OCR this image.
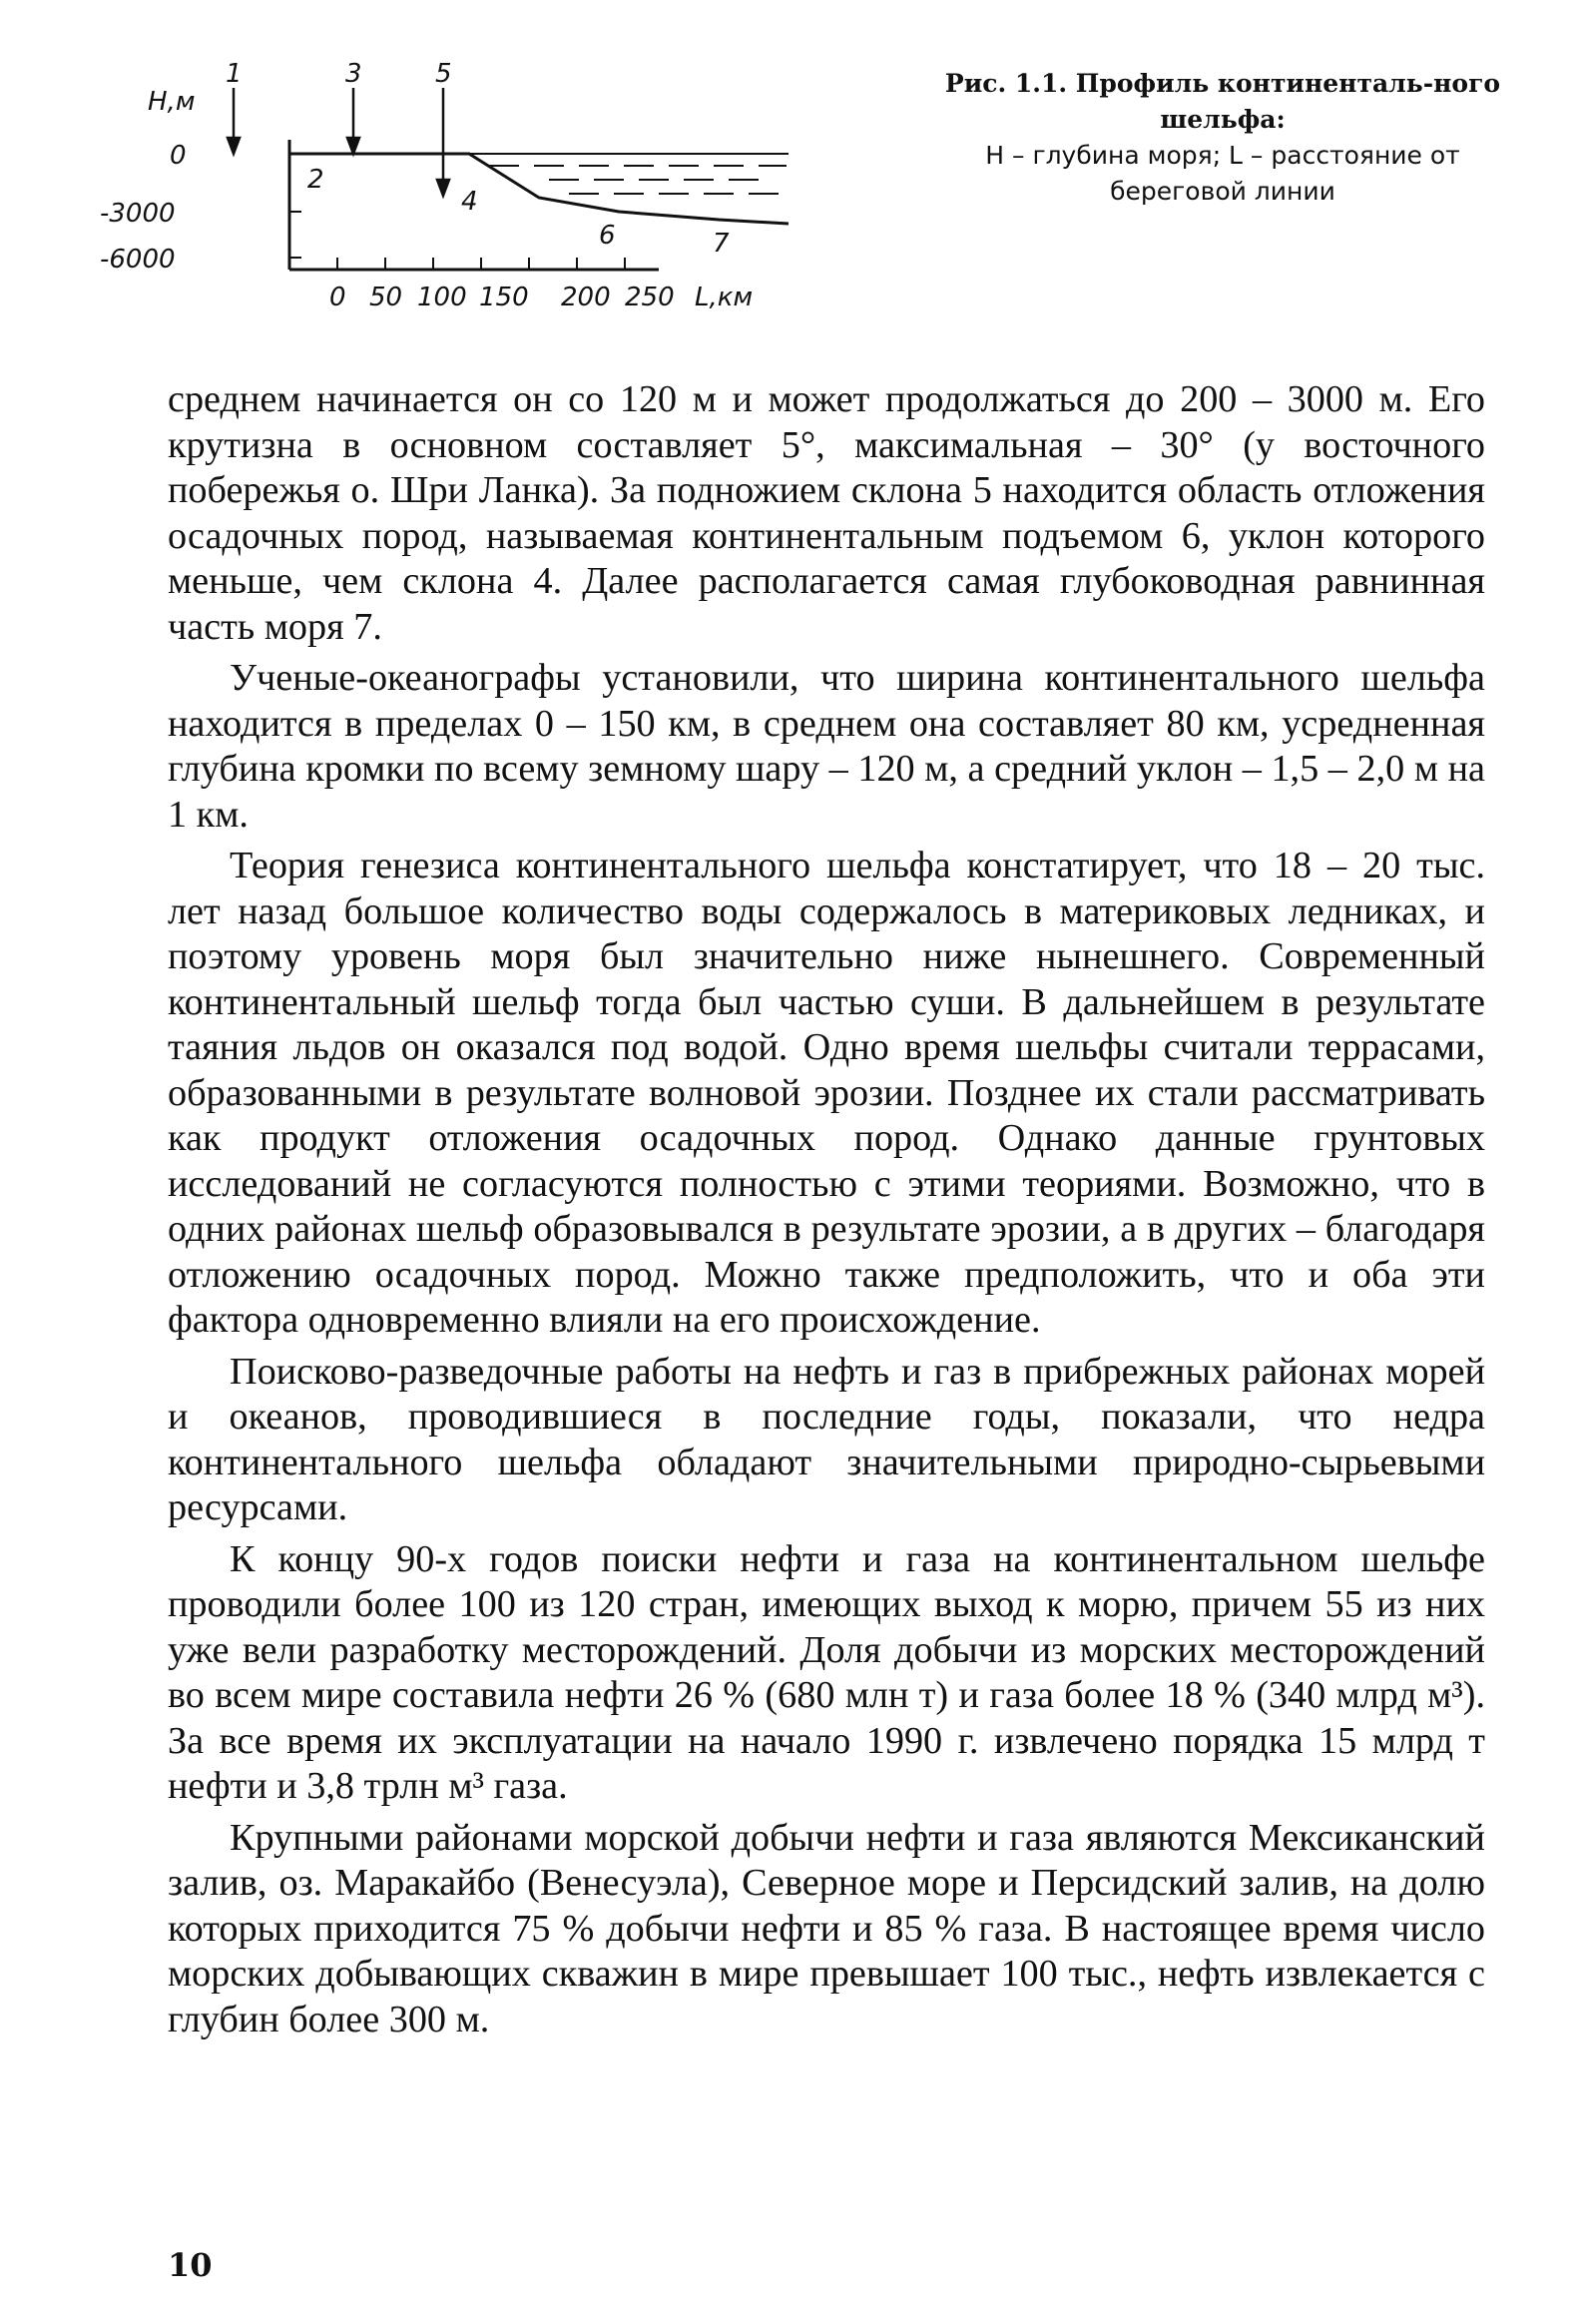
H,м
0
-3000
-6000
0 50 100 150 200 250 L,км
1	3	5
2
4
6	7
Рис. 1.1. Профиль континенталь-ного шельфа:
H – глубина моря; L – расстояние от береговой линии

среднем начинается он со 120 м и может продолжаться до 200 – 3000 м. Его крутизна в основном составляет 5°, максимальная – 30° (у восточного побережья о. Шри Ланка). За подножием склона 5 находится область отложения осадочных пород, называемая континентальным подъемом 6, уклон которого меньше, чем склона 4. Далее располагается самая глубоководная равнинная часть моря 7.

Ученые-океанографы установили, что ширина континентального шельфа находится в пределах 0 – 150 км, в среднем она составляет 80 км, усредненная глубина кромки по всему земному шару – 120 м, а средний уклон – 1,5 – 2,0 м на 1 км.

Теория генезиса континентального шельфа констатирует, что 18 – 20 тыс. лет назад большое количество воды содержалось в материковых ледниках, и поэтому уровень моря был значительно ниже нынешнего. Современный континентальный шельф тогда был частью суши. В дальнейшем в результате таяния льдов он оказался под водой. Одно время шельфы считали террасами, образованными в результате волновой эрозии. Позднее их стали рассматривать как продукт отложения осадочных пород. Однако данные грунтовых исследований не согласуются полностью с этими теориями. Возможно, что в одних районах шельф образовывался в результате эрозии, а в других – благодаря отложению осадочных пород. Можно также предположить, что и оба эти фактора одновременно влияли на его происхождение.

Поисково-разведочные работы на нефть и газ в прибрежных районах морей и океанов, проводившиеся в последние годы, показали, что недра континентального шельфа обладают значительными природно-сырьевыми ресурсами.

К концу 90-х годов поиски нефти и газа на континентальном шельфе проводили более 100 из 120 стран, имеющих выход к морю, причем 55 из них уже вели разработку месторождений. Доля добычи из морских месторождений во всем мире составила нефти 26 % (680 млн т) и газа более 18 % (340 млрд м³). За все время их эксплуатации на начало 1990 г. извлечено порядка 15 млрд т нефти и 3,8 трлн м³ газа.

Крупными районами морской добычи нефти и газа являются Мексиканский залив, оз. Маракайбо (Венесуэла), Северное море и Персидский залив, на долю которых приходится 75 % добычи нефти и 85 % газа. В настоящее время число морских добывающих скважин в мире превышает 100 тыс., нефть извлекается с глубин более 300 м.

10
